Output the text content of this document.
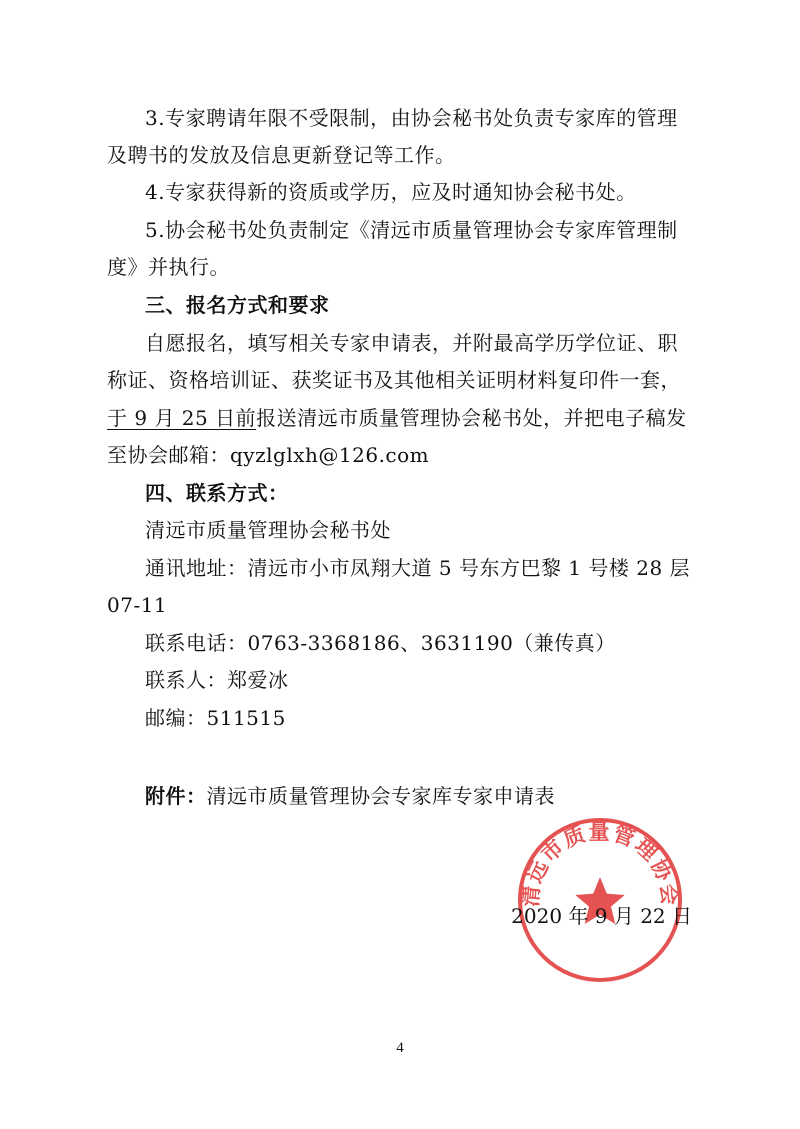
3.专家聘请年限不受限制，由协会秘书处负责专家库的管理
及聘书的发放及信息更新登记等工作。
4.专家获得新的资质或学历，应及时通知协会秘书处。
5.协会秘书处负责制定《清远市质量管理协会专家库管理制
度》并执行。
三、报名方式和要求
自愿报名，填写相关专家申请表，并附最高学历学位证、职
称证、资格培训证、获奖证书及其他相关证明材料复印件一套，
于 9 月 25 日前报送清远市质量管理协会秘书处，并把电子稿发
至协会邮箱：qyzlglxh@126.com
四、联系方式：
清远市质量管理协会秘书处
通讯地址：清远市小市凤翔大道 5 号东方巴黎 1 号楼 28 层
07-11
联系电话：0763-3368186、3631190（兼传真）
联系人：郑爱冰
邮编：511515
附件：清远市质量管理协会专家库专家申请表
清远市质量管理协会
2020 年 9 月 22 日
4
